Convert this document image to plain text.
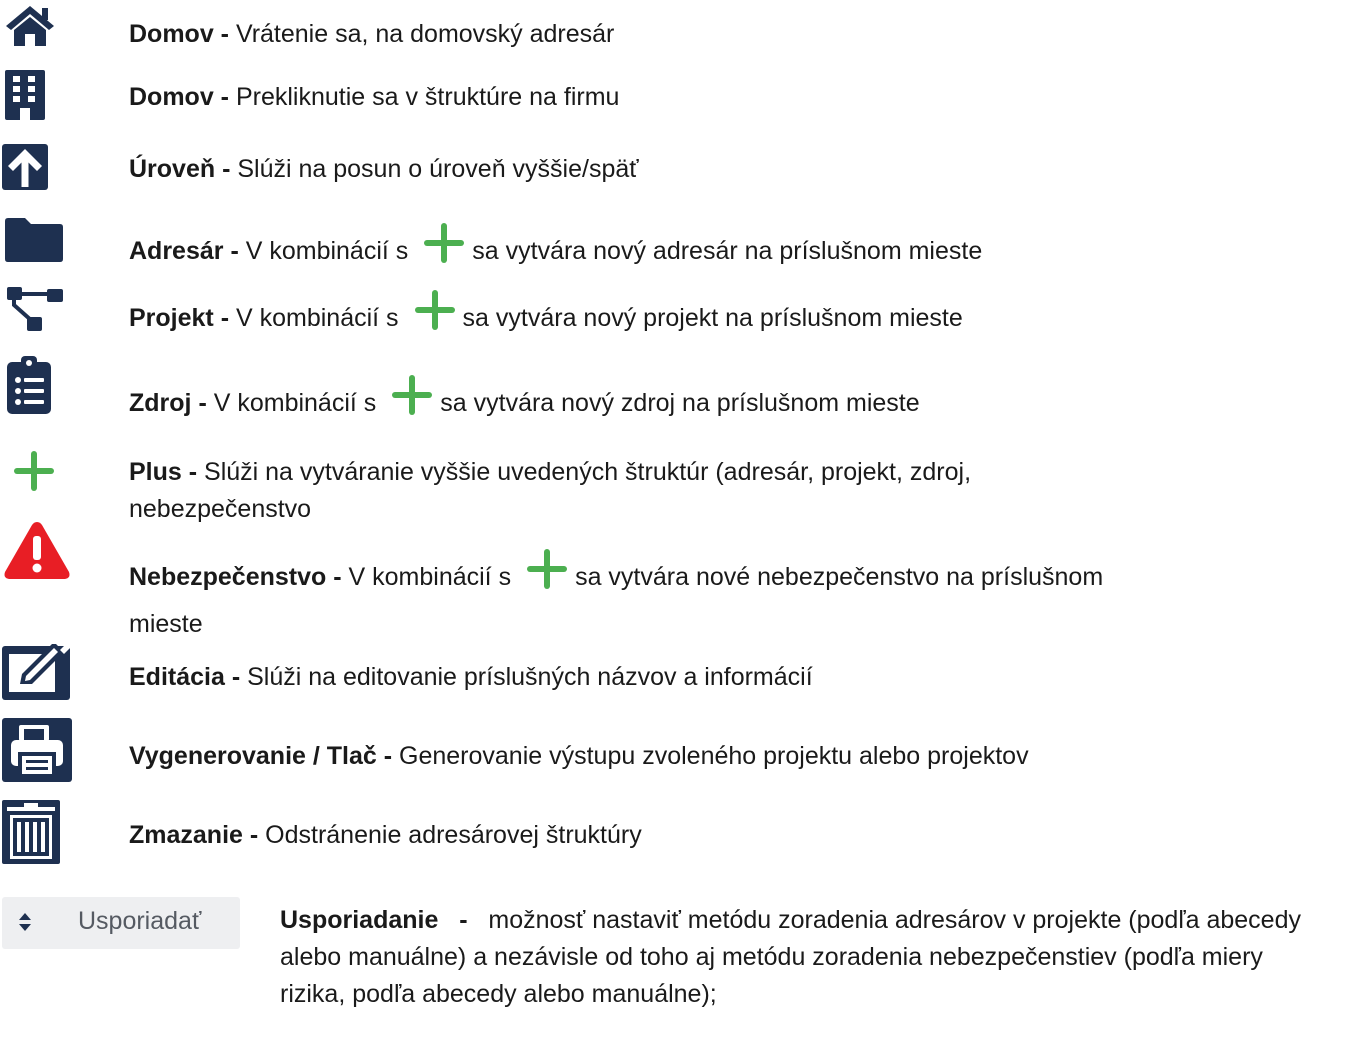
Domov - Vrátenie sa, na domovský adresár
Domov - Prekliknutie sa v štruktúre na firmu
Úroveň - Slúži na posun o úroveň vyššie/späť
Adresár - V kombinácií s	sa vytvára nový adresár na príslušnom mieste
Projekt - V kombinácií s	sa vytvára nový projekt na príslušnom mieste
Zdroj - V kombinácií s	sa vytvára nový zdroj na príslušnom mieste
Plus - Slúži na vytváranie vyššie uvedených štruktúr (adresár, projekt, zdroj,
nebezpečenstvo
Nebezpečenstvo - V kombinácií s	sa vytvára nové nebezpečenstvo na príslušnom
mieste
Editácia - Slúži na editovanie príslušných názvov a informácií
Vygenerovanie / Tlač - Generovanie výstupu zvoleného projektu alebo projektov
Zmazanie - Odstránenie adresárovej štruktúry
Usporiadať	Usporiadanie   -   možnosť nastaviť metódu zoradenia adresárov v projekte (podľa abecedy alebo manuálne) a nezávisle od toho aj metódu zoradenia nebezpečenstiev (podľa miery rizika, podľa abecedy alebo manuálne);
